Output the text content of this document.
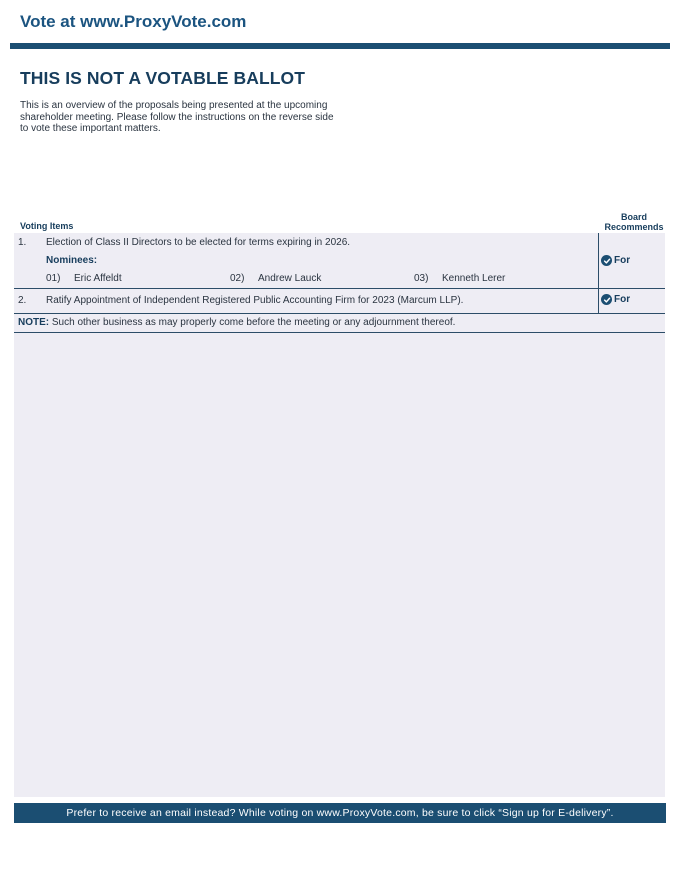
Vote at www.ProxyVote.com
THIS IS NOT A VOTABLE BALLOT
This is an overview of the proposals being presented at the upcoming shareholder meeting. Please follow the instructions on the reverse side to vote these important matters.
Voting Items
Board
Recommends
1. Election of Class II Directors to be elected for terms expiring in 2026.
Nominees:
01) Eric Affeldt	02) Andrew Lauck	03) Kenneth Lerer
For
2. Ratify Appointment of Independent Registered Public Accounting Firm for 2023 (Marcum LLP).	For
NOTE: Such other business as may properly come before the meeting or any adjournment thereof.
Prefer to receive an email instead? While voting on www.ProxyVote.com, be sure to click “Sign up for E-delivery”.
